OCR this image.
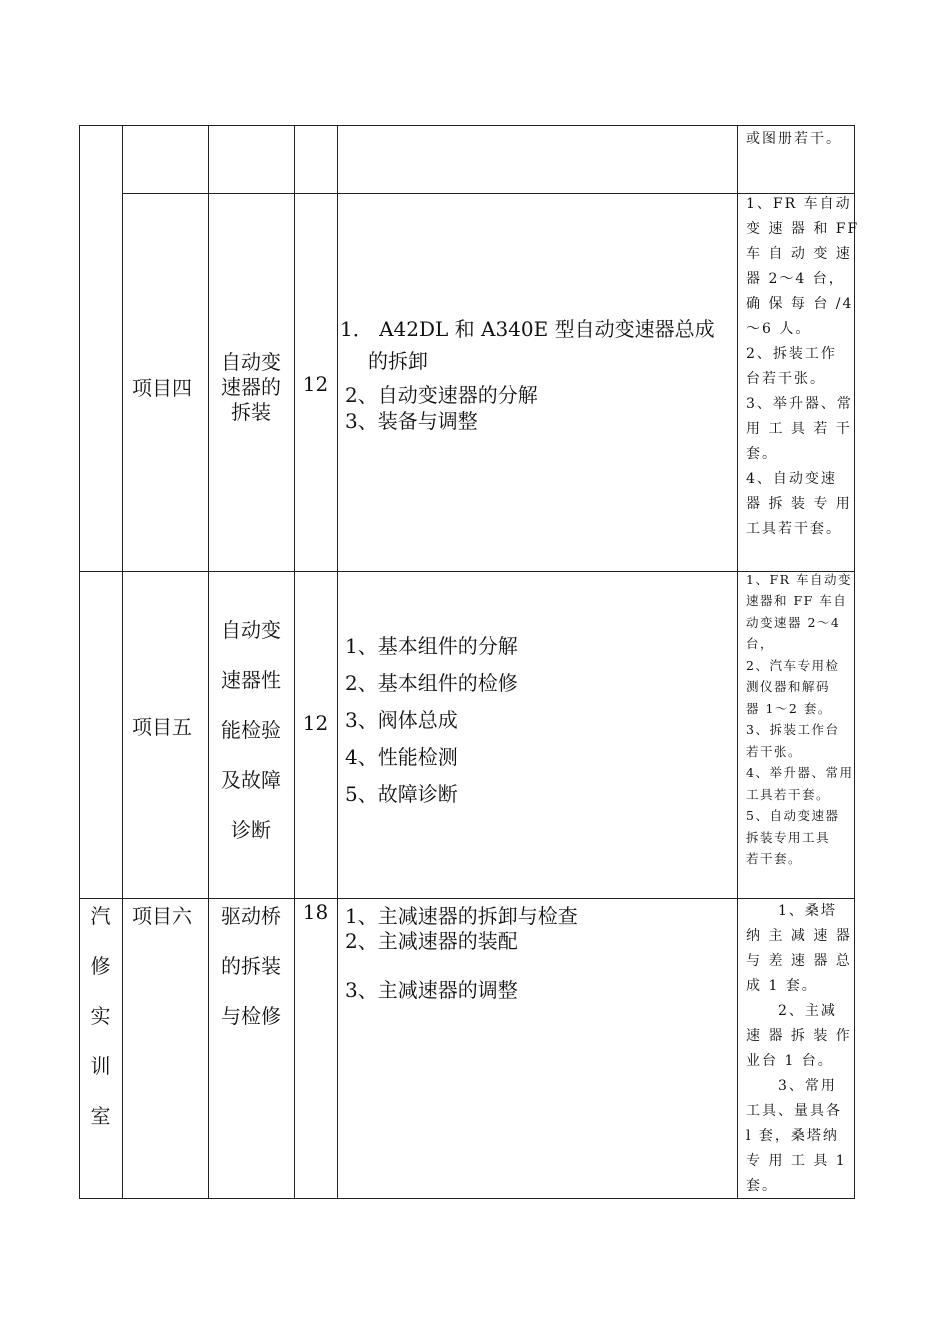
或图册若干。
项目四
自动变
速器的
拆装
12
1． A42DL 和 A340E 型自动变速器总成
的拆卸
2、自动变速器的分解
3、装备与调整
1、FR 车自动
变 速 器 和 FF
车 自 动 变 速
器 2～4 台，
确 保 每 台 /4
～6 人。
2、拆装工作
台若干张。
3、举升器、常
用 工 具 若 干
套。
4、自动变速
器 拆 装 专 用
工具若干套。
项目五
自动变
速器性
能检验
及故障
诊断
12
1、基本组件的分解
2、基本组件的检修
3、阀体总成
4、性能检测
5、故障诊断
1、FR 车自动变
速器和 FF 车自
动变速器 2～4
台，
2、汽车专用检
测仪器和解码
器 1～2 套。
3、拆装工作台
若干张。
4、举升器、常用
工具若干套。
5、自动变速器
拆装专用工具
若干套。
汽
修
实
训
室
项目六	驱动桥
的拆装
与检修
18 1、主减速器的拆卸与检查
2、主减速器的装配
3、主减速器的调整
1、桑塔
纳 主 减 速 器
与 差 速 器 总
成 1 套。
2、主减
速 器 拆 装 作
业台 1 台。
3、常用
工具、量具各
l 套，桑塔纳
专 用 工 具 1
套。
